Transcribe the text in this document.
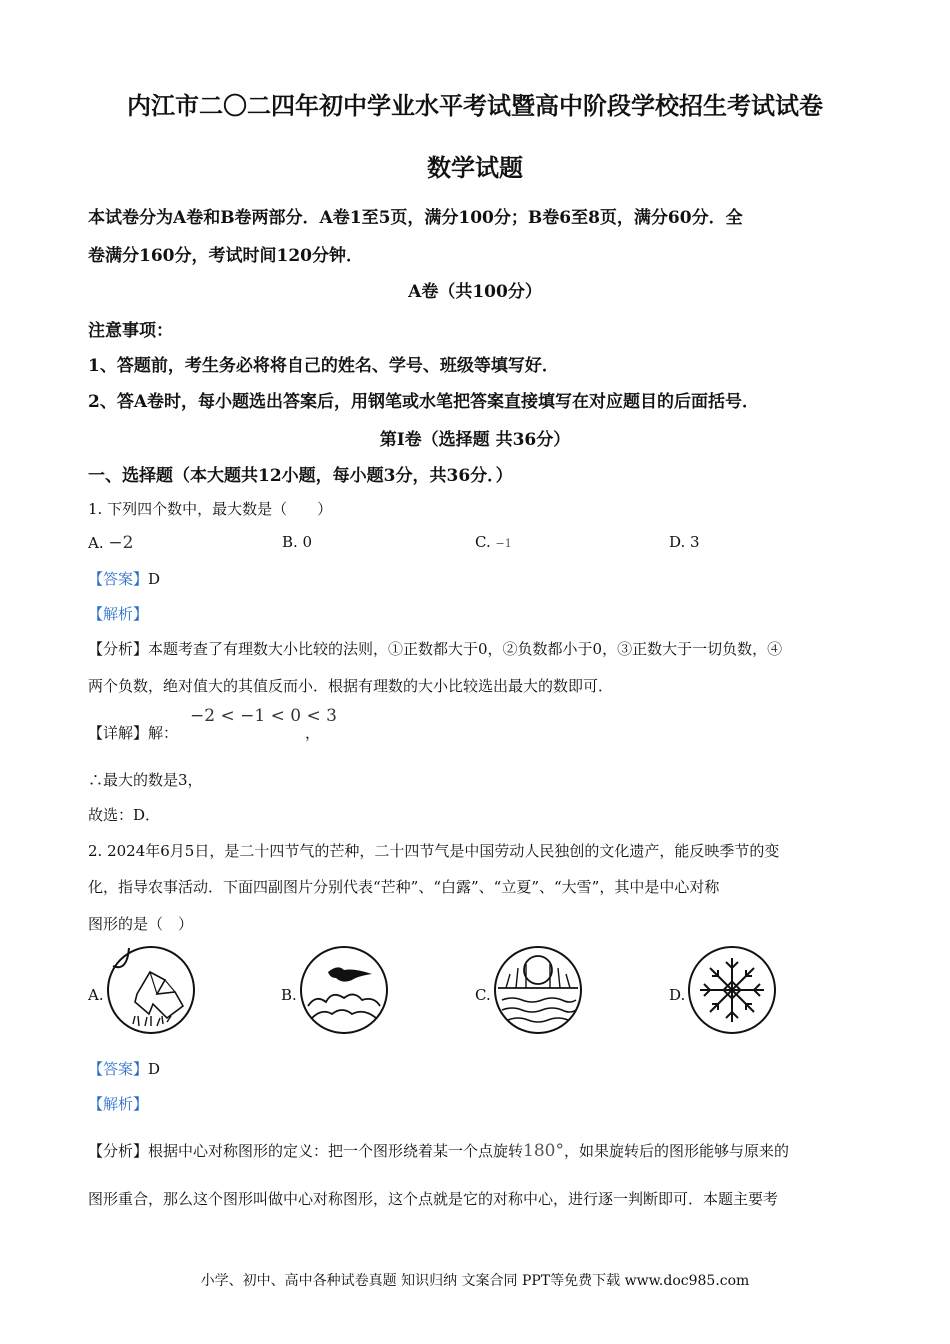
内江市二〇二四年初中学业水平考试暨高中阶段学校招生考试试卷
数学试题
本试卷分为A卷和B卷两部分．A卷1至5页，满分100分；B卷6至8页，满分60分．全
卷满分160分，考试时间120分钟．
A卷（共100分）
注意事项：
1、答题前，考生务必将将自己的姓名、学号、班级等填写好．
2、答A卷时，每小题选出答案后，用钢笔或水笔把答案直接填写在对应题目的后面括号．
第Ⅰ卷（选择题 共36分）
一、选择题（本大题共12小题，每小题3分，共36分．）
1. 下列四个数中，最大数是（　　）
A. −2	B. 0	C. −1	D. 3
【答案】D
【解析】
【分析】本题考查了有理数大小比较的法则，①正数都大于0，②负数都小于0，③正数大于一切负数，④
两个负数，绝对值大的其值反而小．根据有理数的大小比较选出最大的数即可．
【详解】解：
−2 < −1 < 0 < 3
，
∴最大的数是3，
故选：D．
2. 2024年6月5日，是二十四节气的芒种，二十四节气是中国劳动人民独创的文化遗产，能反映季节的变
化，指导农事活动．下面四副图片分别代表“芒种”、“白露”、“立夏”、“大雪”，其中是中心对称
图形的是（　）
A.	B.	C.	D.
【答案】D
【解析】
【分析】根据中心对称图形的定义：把一个图形绕着某一个点旋转180°，如果旋转后的图形能够与原来的
图形重合，那么这个图形叫做中心对称图形，这个点就是它的对称中心，进行逐一判断即可．本题主要考
小学、初中、高中各种试卷真题 知识归纳 文案合同 PPT等免费下载 www.doc985.com
